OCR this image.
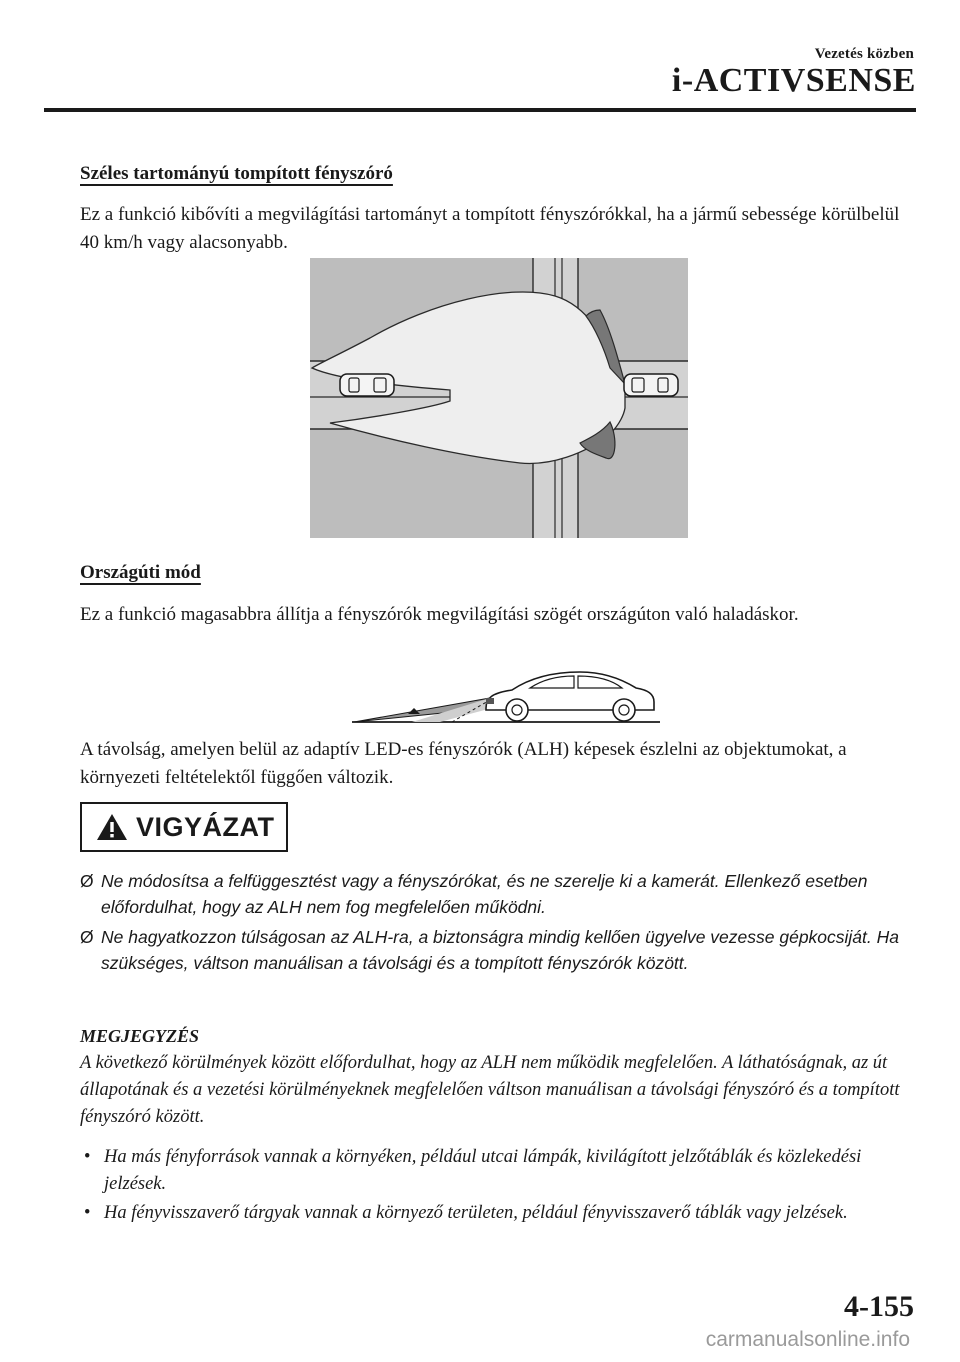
Vezetés közben
i-ACTIVSENSE
Széles tartományú tompított fényszóró
Ez a funkció kibővíti a megvilágítási tartományt a tompított fényszórókkal, ha a jármű sebessége körülbelül 40 km/h vagy alacsonyabb.
Országúti mód
Ez a funkció magasabbra állítja a fényszórók megvilágítási szögét országúton való haladáskor.
A távolság, amelyen belül az adaptív LED-es fényszórók (ALH) képesek észlelni az objektumokat, a környezeti feltételektől függően változik.
VIGYÁZAT
Ø Ne módosítsa a felfüggesztést vagy a fényszórókat, és ne szerelje ki a kamerát. Ellenkező esetben előfordulhat, hogy az ALH nem fog megfelelően működni.
Ø Ne hagyatkozzon túlságosan az ALH-ra, a biztonságra mindig kellően ügyelve vezesse gépkocsiját. Ha szükséges, váltson manuálisan a távolsági és a tompított fényszórók között.
MEGJEGYZÉS
A következő körülmények között előfordulhat, hogy az ALH nem működik megfelelően. A láthatóságnak, az út állapotának és a vezetési körülményeknek megfelelően váltson manuálisan a távolsági fényszóró és a tompított fényszóró között.
• Ha más fényforrások vannak a környéken, például utcai lámpák, kivilágított jelzőtáblák és közlekedési jelzések.
• Ha fényvisszaverő tárgyak vannak a környező területen, például fényvisszaverő táblák vagy jelzések.
4-155
carmanualsonline.info
